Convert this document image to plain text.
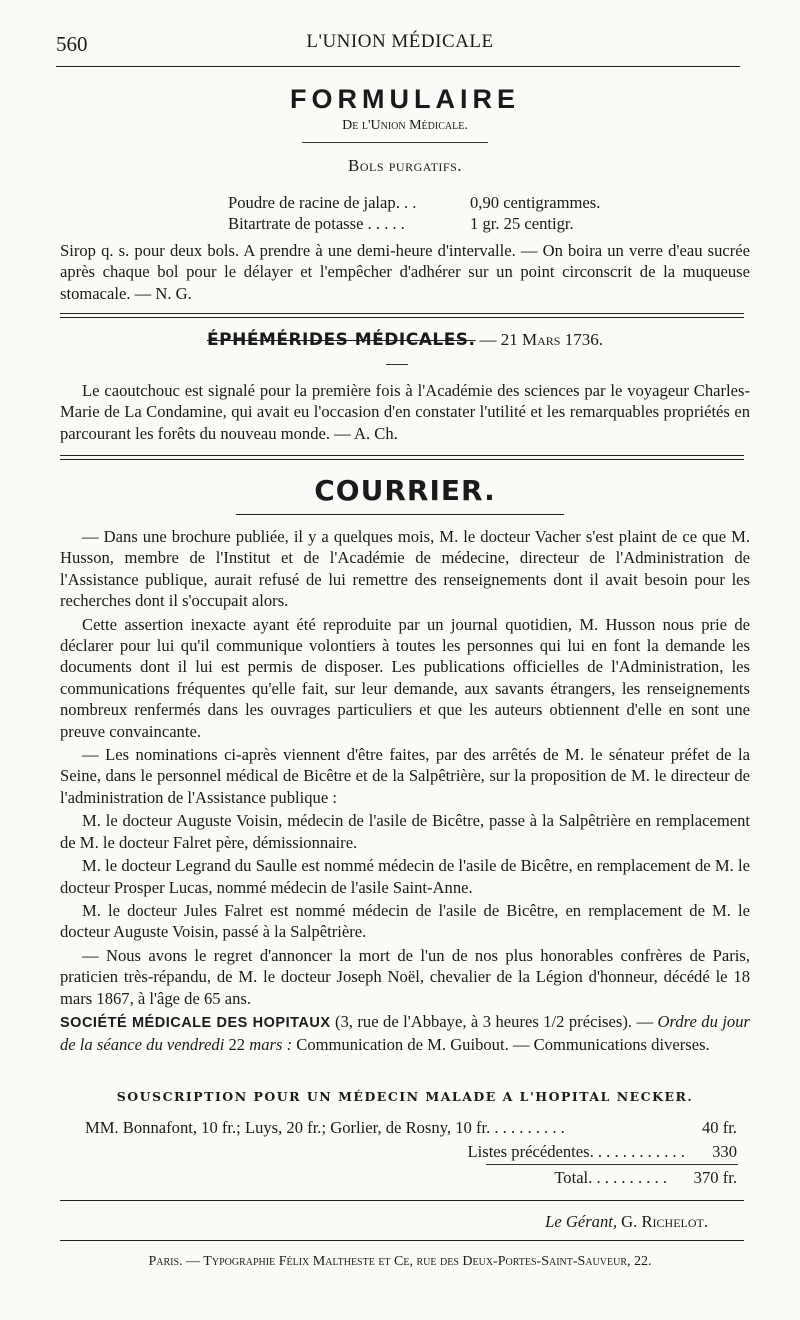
560	L'UNION MÉDICALE
FORMULAIRE
De l'Union Médicale.
Bols purgatifs.
Poudre de racine de jalap. . .	0,90 centigrammes.
Bitartrate de potasse . . . . .	1 gr. 25 centigr.

Sirop q. s. pour deux bols. A prendre à une demi-heure d'intervalle. — On boira un verre d'eau sucrée après chaque bol pour le délayer et l'empêcher d'adhérer sur un point circonscrit de la muqueuse stomacale. — N. G.

ÉPHÉMÉRIDES MÉDICALES. — 21 Mars 1736.

Le caoutchouc est signalé pour la première fois à l'Académie des sciences par le voyageur Charles-Marie de La Condamine, qui avait eu l'occasion d'en constater l'utilité et les remarquables propriétés en parcourant les forêts du nouveau monde. — A. Ch.

COURRIER.

— Dans une brochure publiée, il y a quelques mois, M. le docteur Vacher s'est plaint de ce que M. Husson, membre de l'Institut et de l'Académie de médecine, directeur de l'Administration de l'Assistance publique, aurait refusé de lui remettre des renseignements dont il avait besoin pour les recherches dont il s'occupait alors.

Cette assertion inexacte ayant été reproduite par un journal quotidien, M. Husson nous prie de déclarer pour lui qu'il communique volontiers à toutes les personnes qui lui en font la demande les documents dont il lui est permis de disposer. Les publications officielles de l'Administration, les communications fréquentes qu'elle fait, sur leur demande, aux savants étrangers, les renseignements nombreux renfermés dans les ouvrages particuliers et que les auteurs obtiennent d'elle en sont une preuve convaincante.

— Les nominations ci-après viennent d'être faites, par des arrêtés de M. le sénateur préfet de la Seine, dans le personnel médical de Bicêtre et de la Salpêtrière, sur la proposition de M. le directeur de l'administration de l'Assistance publique :

M. le docteur Auguste Voisin, médecin de l'asile de Bicêtre, passe à la Salpêtrière en remplacement de M. le docteur Falret père, démissionnaire.

M. le docteur Legrand du Saulle est nommé médecin de l'asile de Bicêtre, en remplacement de M. le docteur Prosper Lucas, nommé médecin de l'asile Saint-Anne.

M. le docteur Jules Falret est nommé médecin de l'asile de Bicêtre, en remplacement de M. le docteur Auguste Voisin, passé à la Salpêtrière.

— Nous avons le regret d'annoncer la mort de l'un de nos plus honorables confrères de Paris, praticien très-répandu, de M. le docteur Joseph Noël, chevalier de la Légion d'honneur, décédé le 18 mars 1867, à l'âge de 65 ans.

SOCIÉTÉ MÉDICALE DES HOPITAUX (3, rue de l'Abbaye, à 3 heures 1/2 précises). — Ordre du jour de la séance du vendredi 22 mars : Communication de M. Guibout. — Communications diverses.

SOUSCRIPTION POUR UN MÉDECIN MALADE A L'HOPITAL NECKER.
MM. Bonnafont, 10 fr.; Luys, 20 fr.; Gorlier, de Rosny, 10 fr. . . . . . . . . .	40 fr.
Listes précédentes. . . . . . . . . . . .	330
Total. . . . . . . . . .	370 fr.
Le Gérant, G. Richelot.
Paris. — Typographie Félix Maltheste et Ce, rue des Deux-Portes-Saint-Sauveur, 22.
